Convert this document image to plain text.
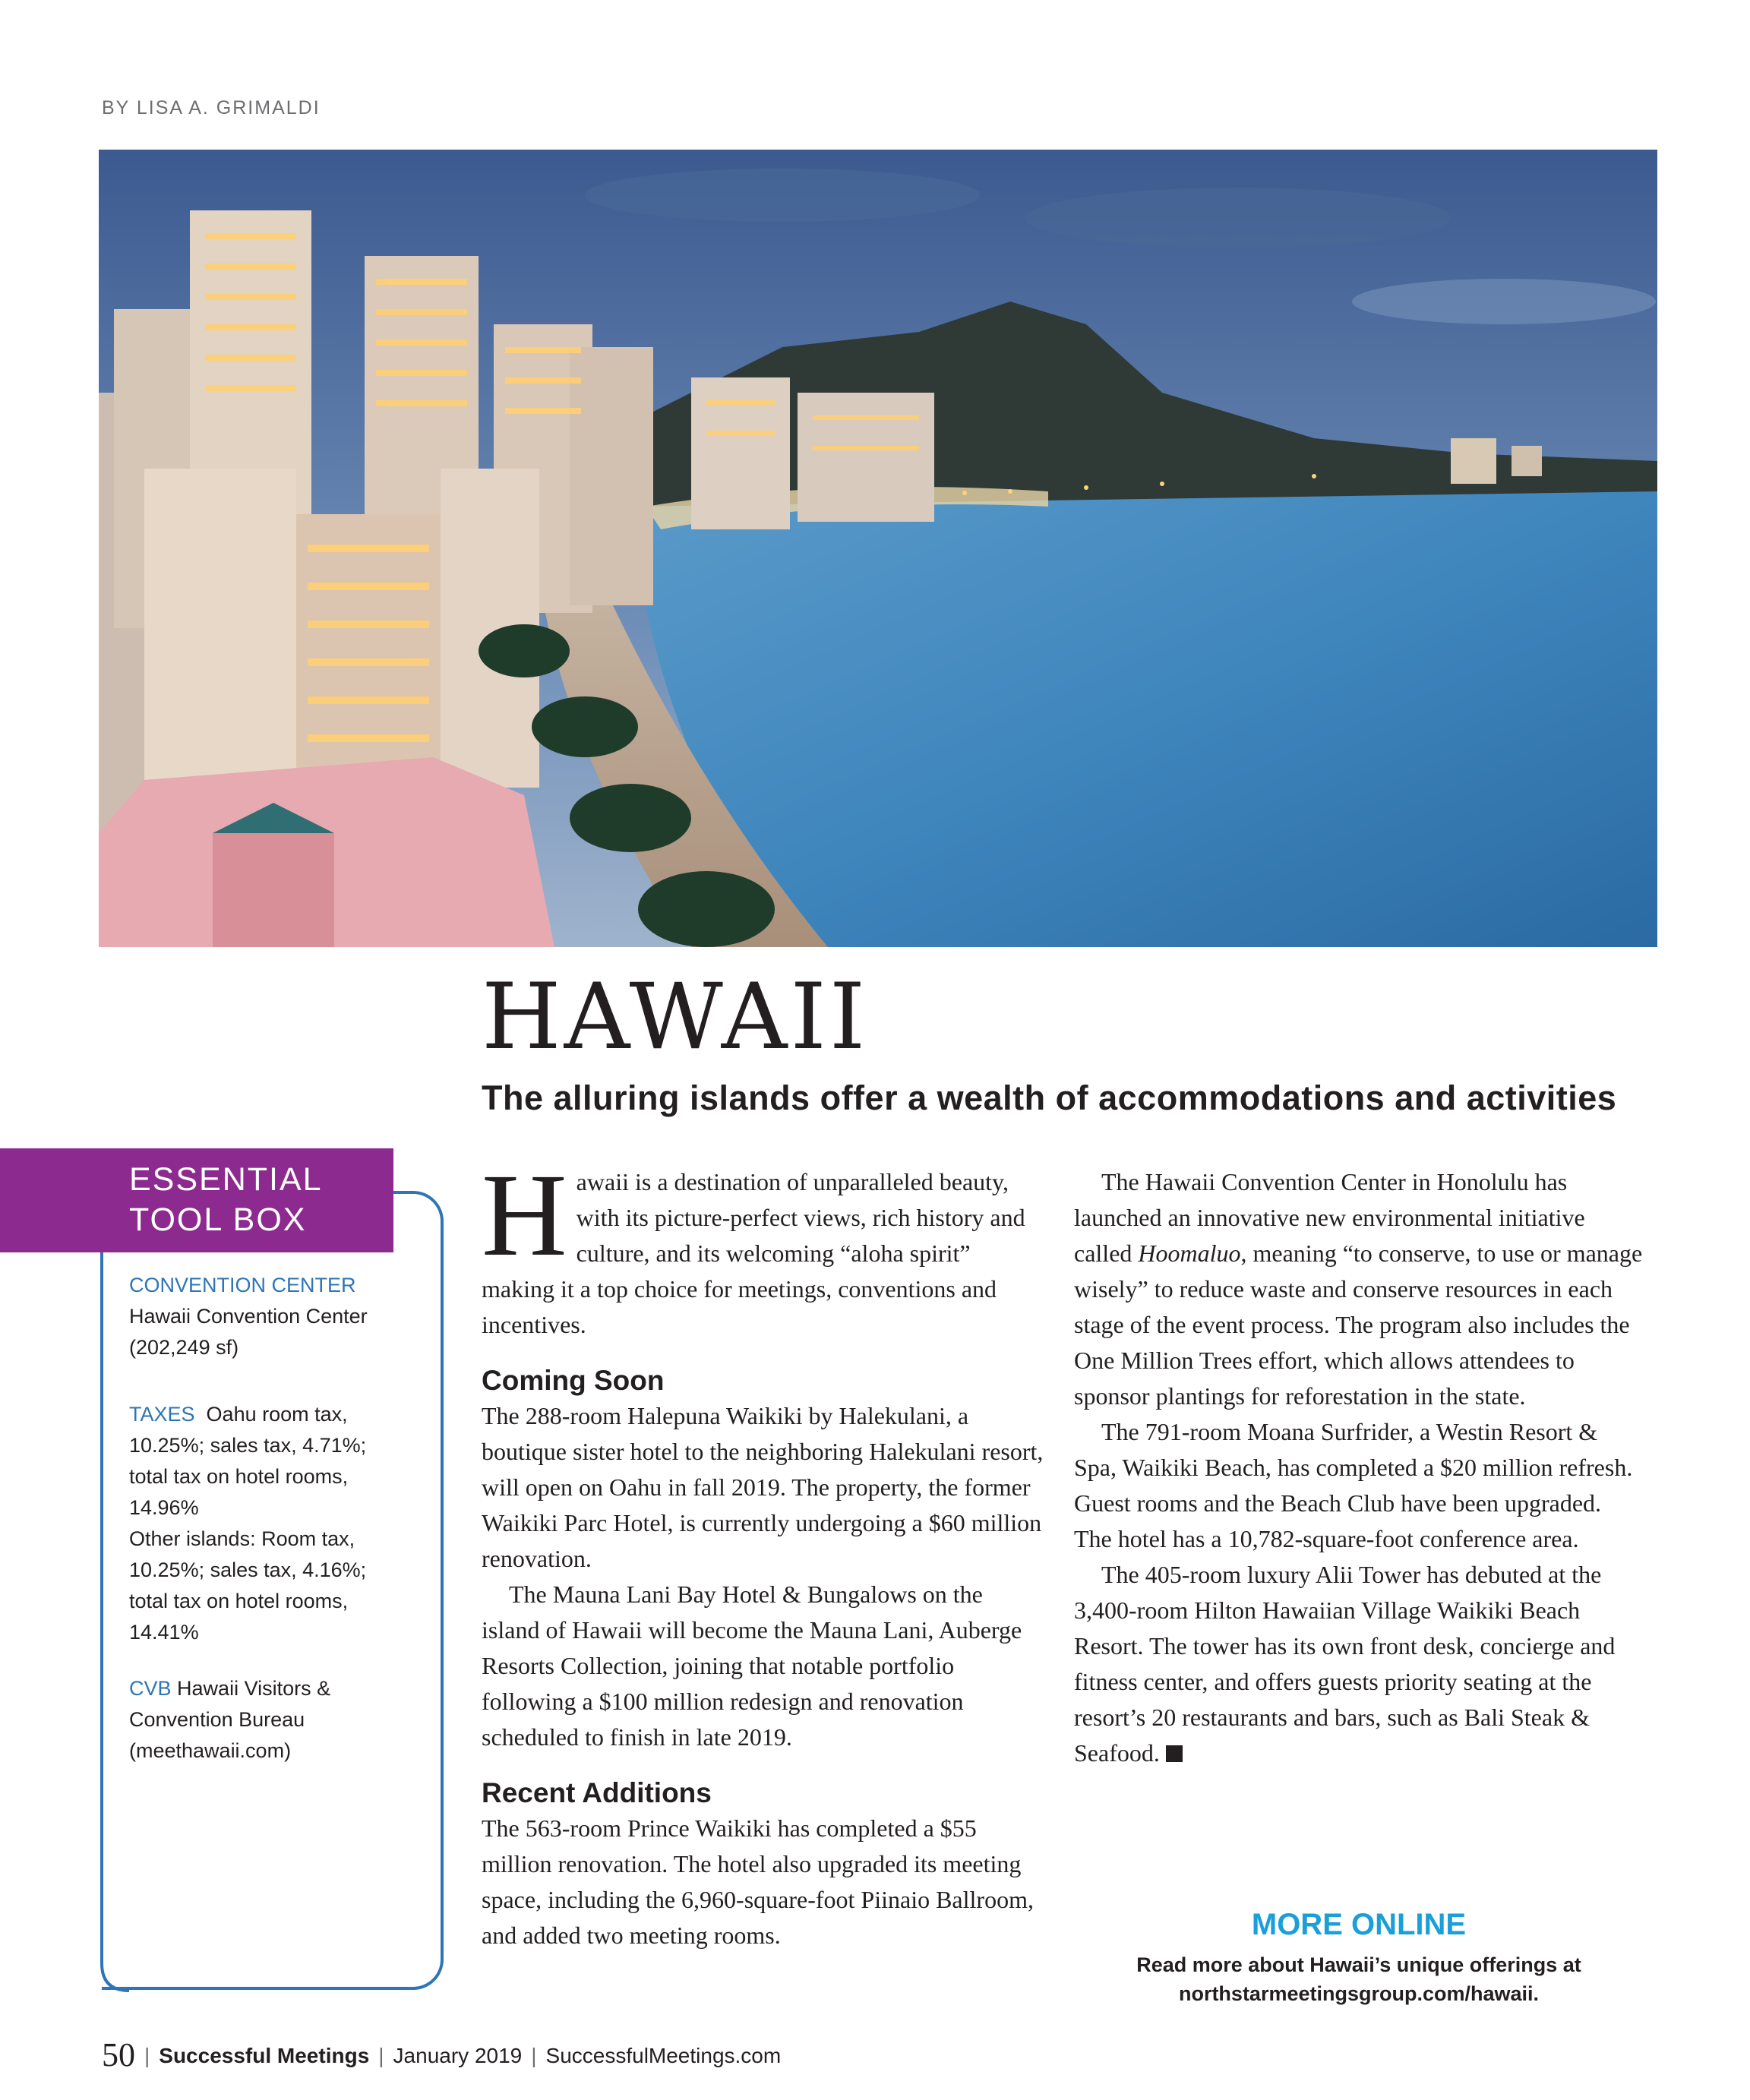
BY LISA A. GRIMALDI
Waikiki Beach shows off one of Hawaii’s most iconic and stunning views.
HAWAII
The alluring islands offer a wealth of accommodations and activities
ESSENTIAL TOOL BOX
CONVENTION CENTER
Hawaii Convention Center (202,249 sf)
TAXES Oahu room tax, 10.25%; sales tax, 4.71%; total tax on hotel rooms, 14.96%
Other islands: Room tax, 10.25%; sales tax, 4.16%; total tax on hotel rooms, 14.41%
CVB Hawaii Visitors & Convention Bureau (meethawaii.com)

Hawaii is a destination of unparalleled beauty, with its picture-perfect views, rich history and culture, and its welcoming “aloha spirit” making it a top choice for meetings, conventions and incentives.

Coming Soon

The 288-room Halepuna Waikiki by Halekulani, a boutique sister hotel to the neighboring Halekulani resort, will open on Oahu in fall 2019. The property, the former Waikiki Parc Hotel, is currently undergoing a $60 million renovation.

The Mauna Lani Bay Hotel & Bungalows on the island of Hawaii will become the Mauna Lani, Auberge Resorts Collection, joining that notable portfolio following a $100 million redesign and renovation scheduled to finish in late 2019.

Recent Additions

The 563-room Prince Waikiki has completed a $55 million renovation. The hotel also upgraded its meeting space, including the 6,960-square-foot Piinaio Ballroom, and added two meeting rooms.

The Hawaii Convention Center in Honolulu has launched an innovative new environmental initiative called Hoomaluo, meaning “to conserve, to use or manage wisely” to reduce waste and conserve resources in each stage of the event process. The program also includes the One Million Trees effort, which allows attendees to sponsor plantings for reforestation in the state.

The 791-room Moana Surfrider, a Westin Resort & Spa, Waikiki Beach, has completed a $20 million refresh. Guest rooms and the Beach Club have been upgraded. The hotel has a 10,782-square-foot conference area.

The 405-room luxury Alii Tower has debuted at the 3,400-room Hilton Hawaiian Village Waikiki Beach Resort. The tower has its own front desk, concierge and fitness center, and offers guests priority seating at the resort’s 20 restaurants and bars, such as Bali Steak & Seafood.

MORE ONLINE
Read more about Hawaii’s unique offerings at northstarmeetingsgroup.com/hawaii.
50 | Successful Meetings | January 2019 | SuccessfulMeetings.com
